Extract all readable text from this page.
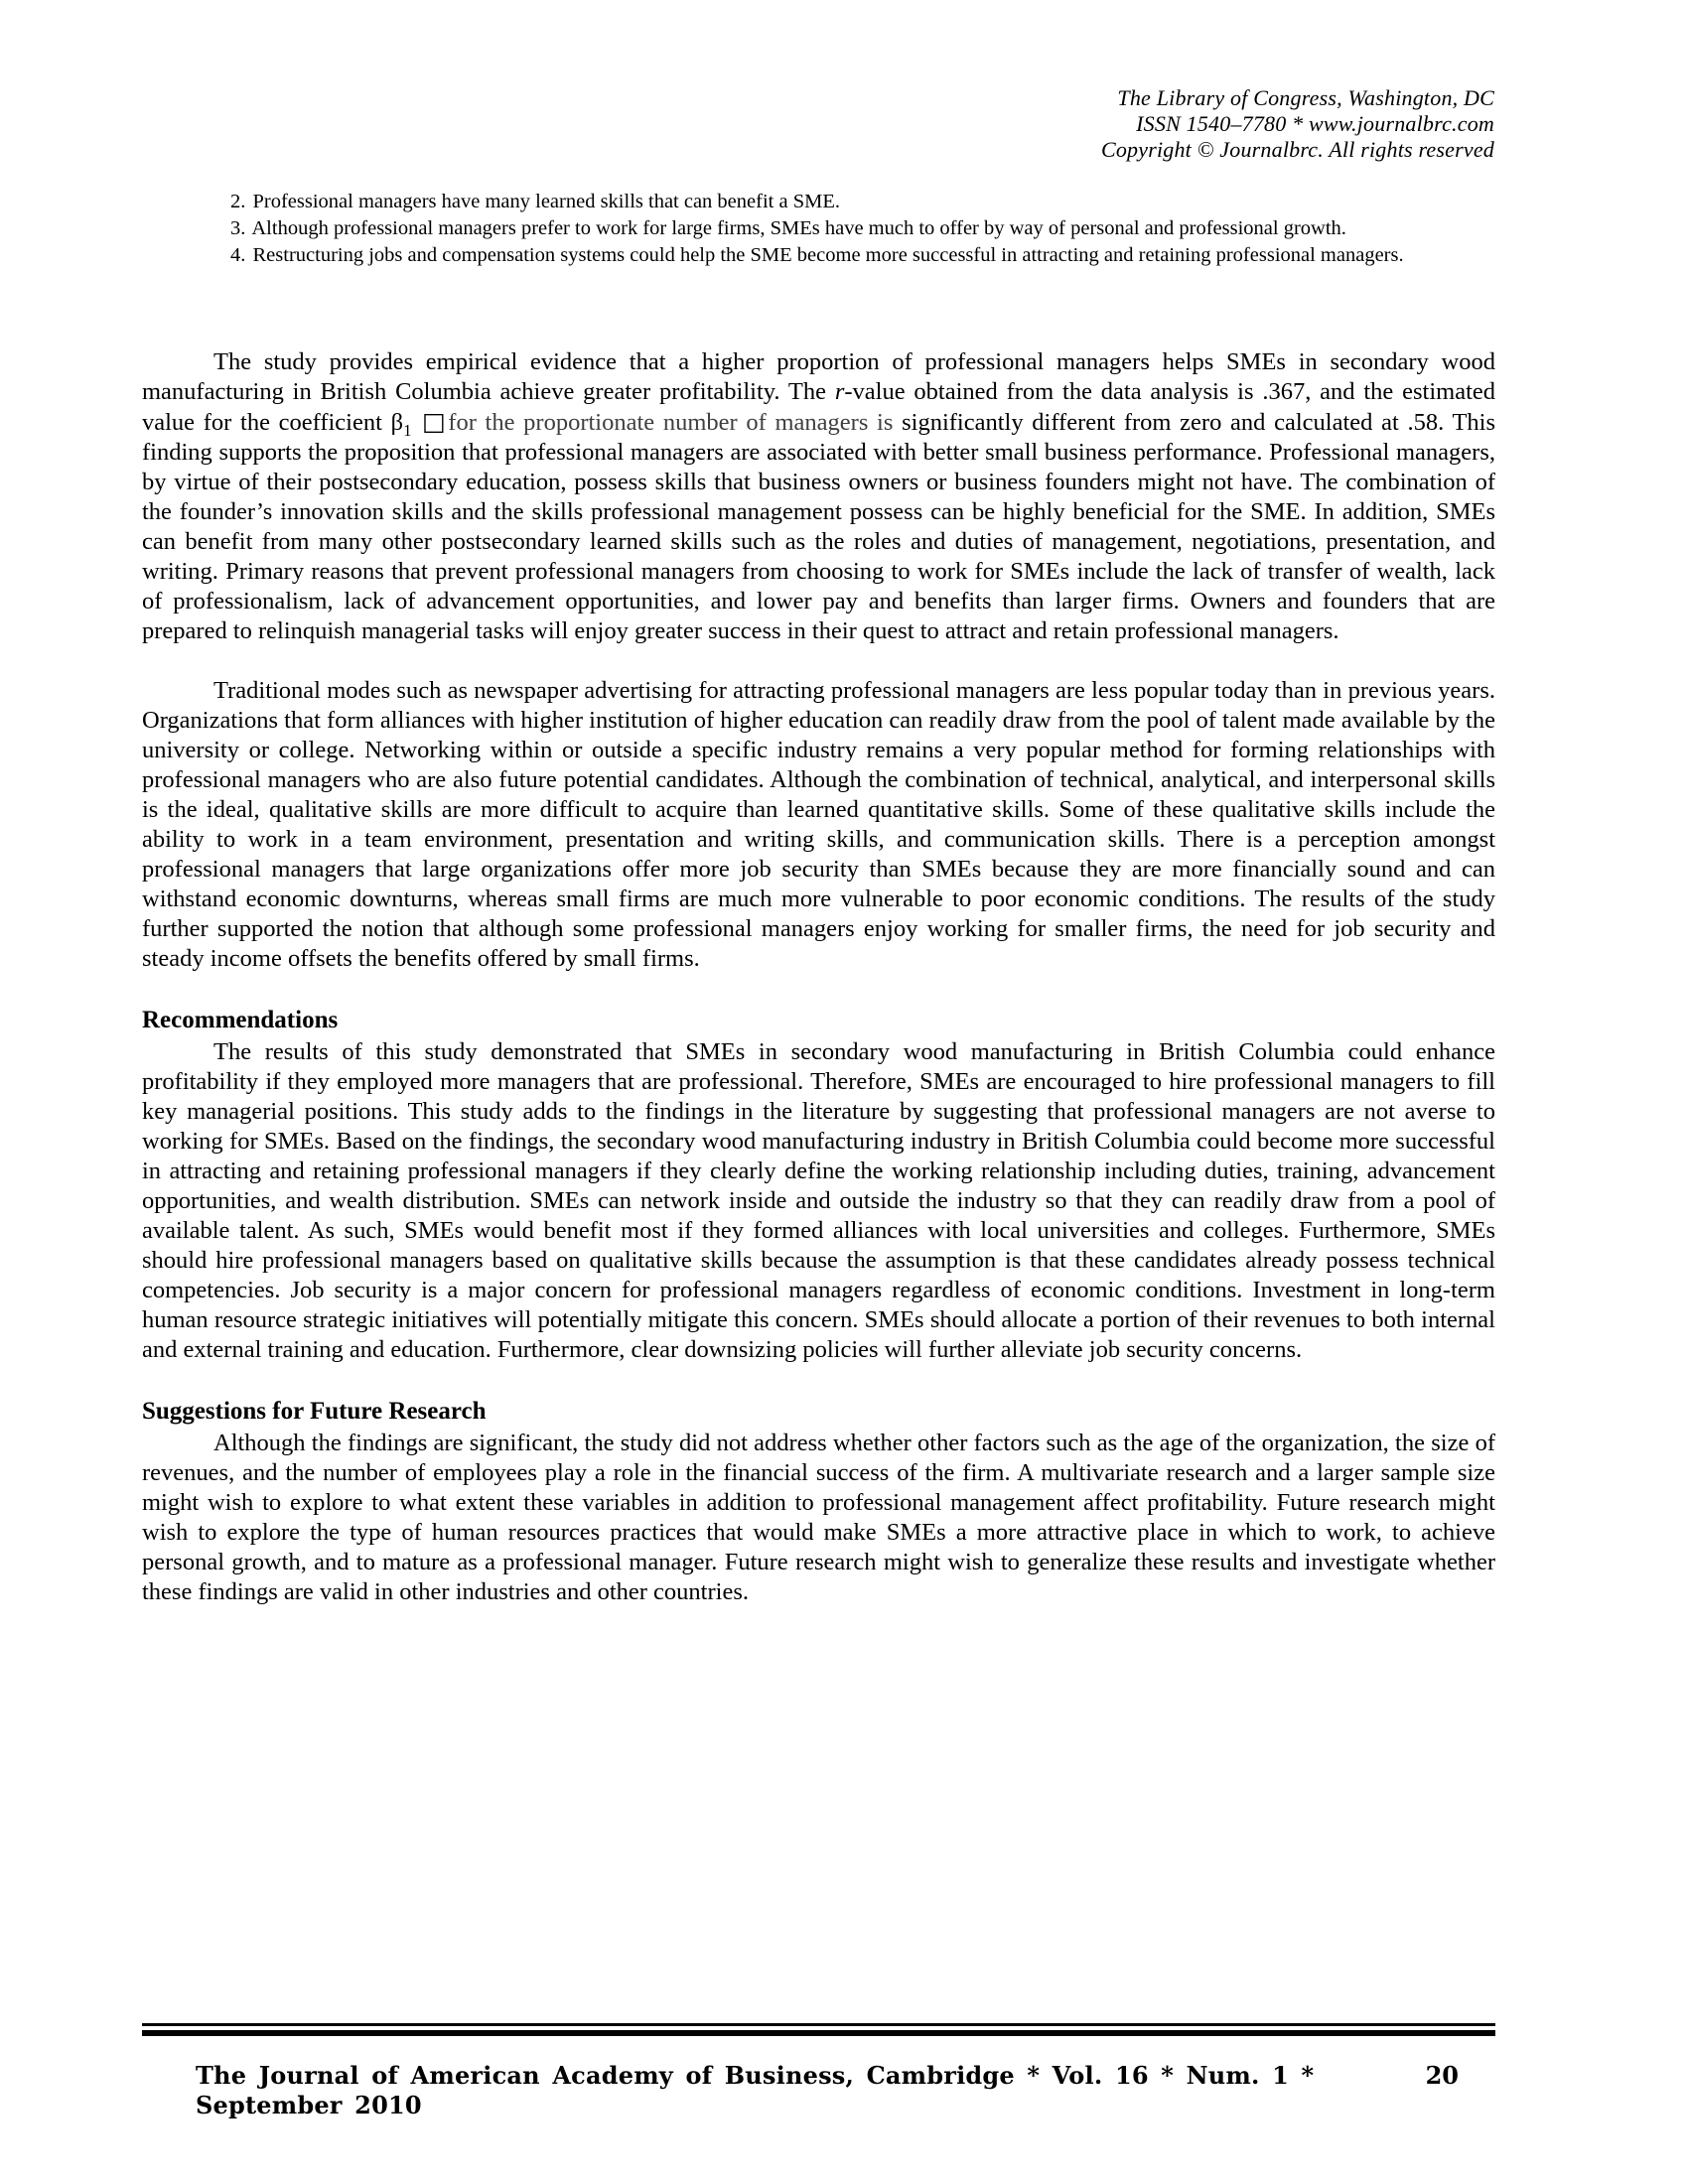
The Library of Congress, Washington, DC
ISSN 1540–7780 * www.journalbrc.com
Copyright © Journalbrc. All rights reserved
2. Professional managers have many learned skills that can benefit a SME.
3. Although professional managers prefer to work for large firms, SMEs have much to offer by way of personal and professional growth.
4. Restructuring jobs and compensation systems could help the SME become more successful in attracting and retaining professional managers.

The study provides empirical evidence that a higher proportion of professional managers helps SMEs in secondary wood manufacturing in British Columbia achieve greater profitability. The r-value obtained from the data analysis is .367, and the estimated value for the coefficient $\beta_1$ □for the proportionate number of managers is significantly different from zero and calculated at .58. This finding supports the proposition that professional managers are associated with better small business performance. Professional managers, by virtue of their postsecondary education, possess skills that business owners or business founders might not have. The combination of the founder’s innovation skills and the skills professional management possess can be highly beneficial for the SME. In addition, SMEs can benefit from many other postsecondary learned skills such as the roles and duties of management, negotiations, presentation, and writing. Primary reasons that prevent professional managers from choosing to work for SMEs include the lack of transfer of wealth, lack of professionalism, lack of advancement opportunities, and lower pay and benefits than larger firms. Owners and founders that are prepared to relinquish managerial tasks will enjoy greater success in their quest to attract and retain professional managers.

Traditional modes such as newspaper advertising for attracting professional managers are less popular today than in previous years. Organizations that form alliances with higher institution of higher education can readily draw from the pool of talent made available by the university or college. Networking within or outside a specific industry remains a very popular method for forming relationships with professional managers who are also future potential candidates. Although the combination of technical, analytical, and interpersonal skills is the ideal, qualitative skills are more difficult to acquire than learned quantitative skills. Some of these qualitative skills include the ability to work in a team environment, presentation and writing skills, and communication skills. There is a perception amongst professional managers that large organizations offer more job security than SMEs because they are more financially sound and can withstand economic downturns, whereas small firms are much more vulnerable to poor economic conditions. The results of the study further supported the notion that although some professional managers enjoy working for smaller firms, the need for job security and steady income offsets the benefits offered by small firms.

Recommendations

The results of this study demonstrated that SMEs in secondary wood manufacturing in British Columbia could enhance profitability if they employed more managers that are professional. Therefore, SMEs are encouraged to hire professional managers to fill key managerial positions. This study adds to the findings in the literature by suggesting that professional managers are not averse to working for SMEs. Based on the findings, the secondary wood manufacturing industry in British Columbia could become more successful in attracting and retaining professional managers if they clearly define the working relationship including duties, training, advancement opportunities, and wealth distribution. SMEs can network inside and outside the industry so that they can readily draw from a pool of available talent. As such, SMEs would benefit most if they formed alliances with local universities and colleges. Furthermore, SMEs should hire professional managers based on qualitative skills because the assumption is that these candidates already possess technical competencies. Job security is a major concern for professional managers regardless of economic conditions. Investment in long-term human resource strategic initiatives will potentially mitigate this concern. SMEs should allocate a portion of their revenues to both internal and external training and education. Furthermore, clear downsizing policies will further alleviate job security concerns.

Suggestions for Future Research

Although the findings are significant, the study did not address whether other factors such as the age of the organization, the size of revenues, and the number of employees play a role in the financial success of the firm. A multivariate research and a larger sample size might wish to explore to what extent these variables in addition to professional management affect profitability. Future research might wish to explore the type of human resources practices that would make SMEs a more attractive place in which to work, to achieve personal growth, and to mature as a professional manager. Future research might wish to generalize these results and investigate whether these findings are valid in other industries and other countries.

The Journal of American Academy of Business, Cambridge * Vol. 16 * Num. 1 * September 2010
20
